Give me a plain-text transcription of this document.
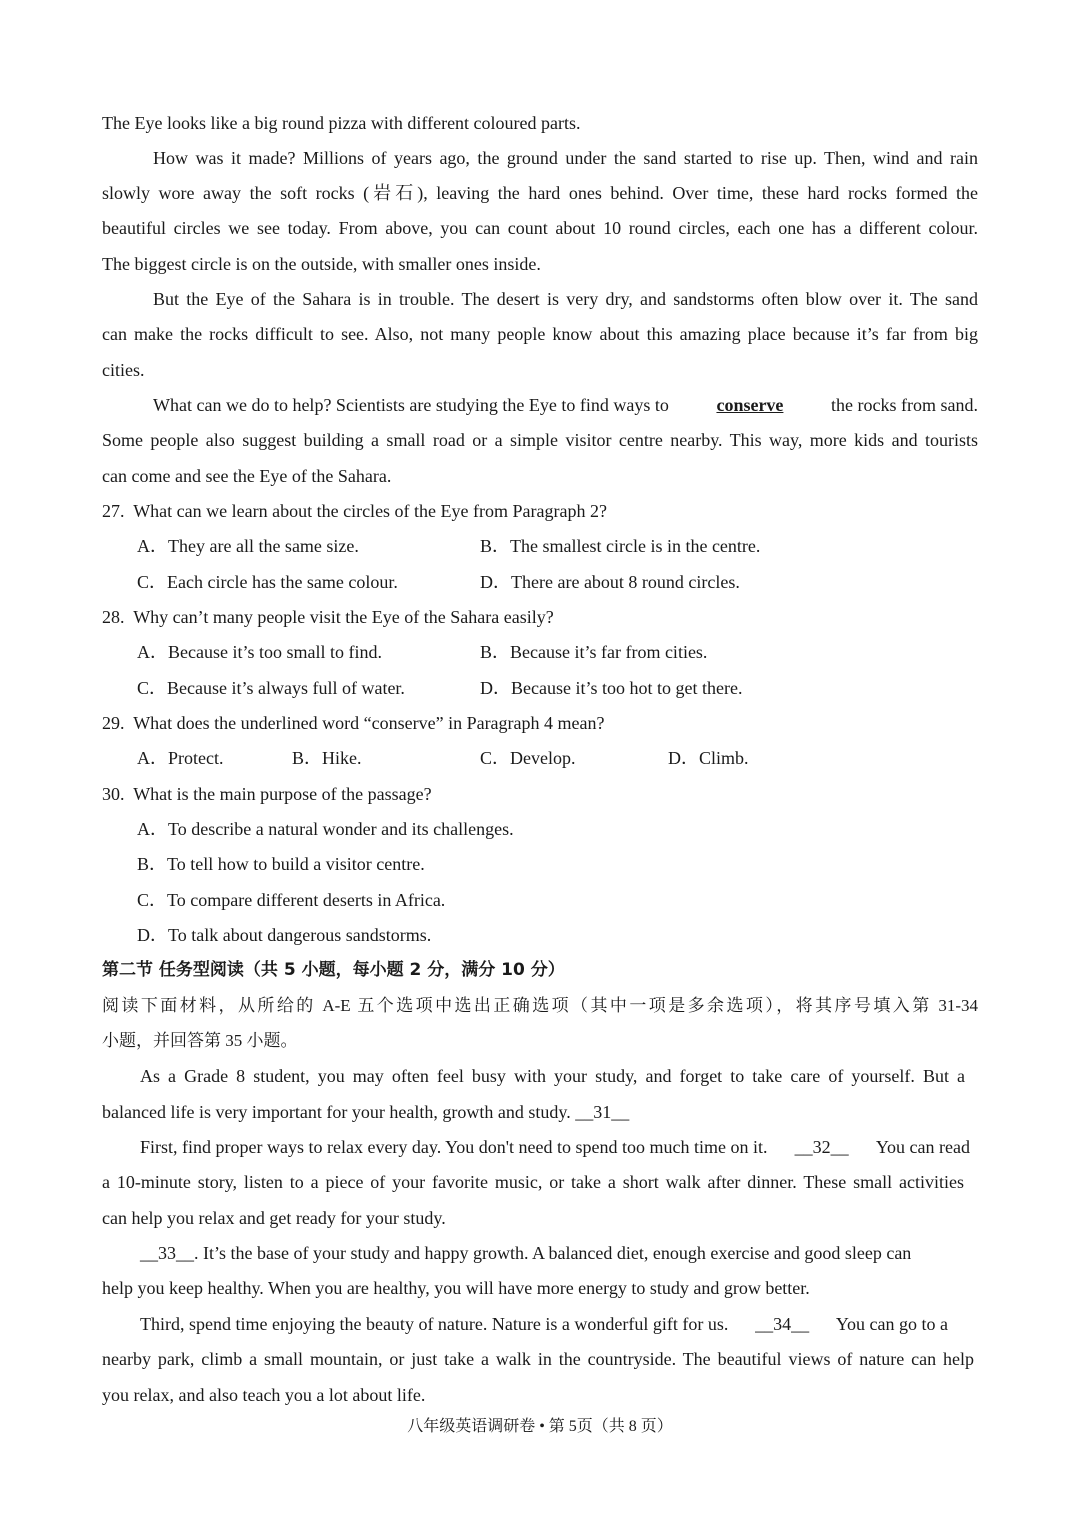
The Eye looks like a big round pizza with different coloured parts.
How was it made? Millions of years ago, the ground under the sand started to rise up. Then, wind and rain
slowly wore away the soft rocks (岩石), leaving the hard ones behind. Over time, these hard rocks formed the
beautiful circles we see today. From above, you can count about 10 round circles, each one has a different colour.
The biggest circle is on the outside, with smaller ones inside.
But the Eye of the Sahara is in trouble. The desert is very dry, and sandstorms often blow over it. The sand
can make the rocks difficult to see. Also, not many people know about this amazing place because it’s far from big
cities.
What can we do to help? Scientists are studying the Eye to find ways to	conserve	the rocks from sand.
Some people also suggest building a small road or a simple visitor centre nearby. This way, more kids and tourists
can come and see the Eye of the Sahara.
27. What can we learn about the circles of the Eye from Paragraph 2?
A．They are all the same size.	B．The smallest circle is in the centre.
C．Each circle has the same colour.	D．There are about 8 round circles.
28. Why can’t many people visit the Eye of the Sahara easily?
A．Because it’s too small to find.	B．Because it’s far from cities.
C．Because it’s always full of water.	D．Because it’s too hot to get there.
29. What does the underlined word “conserve” in Paragraph 4 mean?
A．Protect.	B．Hike.	C．Develop.	D．Climb.
30. What is the main purpose of the passage?
A．To describe a natural wonder and its challenges.
B．To tell how to build a visitor centre.
C．To compare different deserts in Africa.
D．To talk about dangerous sandstorms.
第二节 任务型阅读（共 5 小题，每小题 2 分，满分 10 分）
阅读下面材料，从所给的 A-E 五个选项中选出正确选项（其中一项是多余选项），将其序号填入第 31-34
小题，并回答第 35 小题。
As a Grade 8 student, you may often feel busy with your study, and forget to take care of yourself. But a
balanced life is very important for your health, growth and study. __31__
First, find proper ways to relax every day. You don't need to spend too much time on it. __32__ You can read
a 10-minute story, listen to a piece of your favorite music, or take a short walk after dinner. These small activities
can help you relax and get ready for your study.
__33__. It’s the base of your study and happy growth. A balanced diet, enough exercise and good sleep can
help you keep healthy. When you are healthy, you will have more energy to study and grow better.
Third, spend time enjoying the beauty of nature. Nature is a wonderful gift for us. __34__ You can go to a
nearby park, climb a small mountain, or just take a walk in the countryside. The beautiful views of nature can help
you relax, and also teach you a lot about life.
八年级英语调研卷 • 第 5页（共 8 页）
